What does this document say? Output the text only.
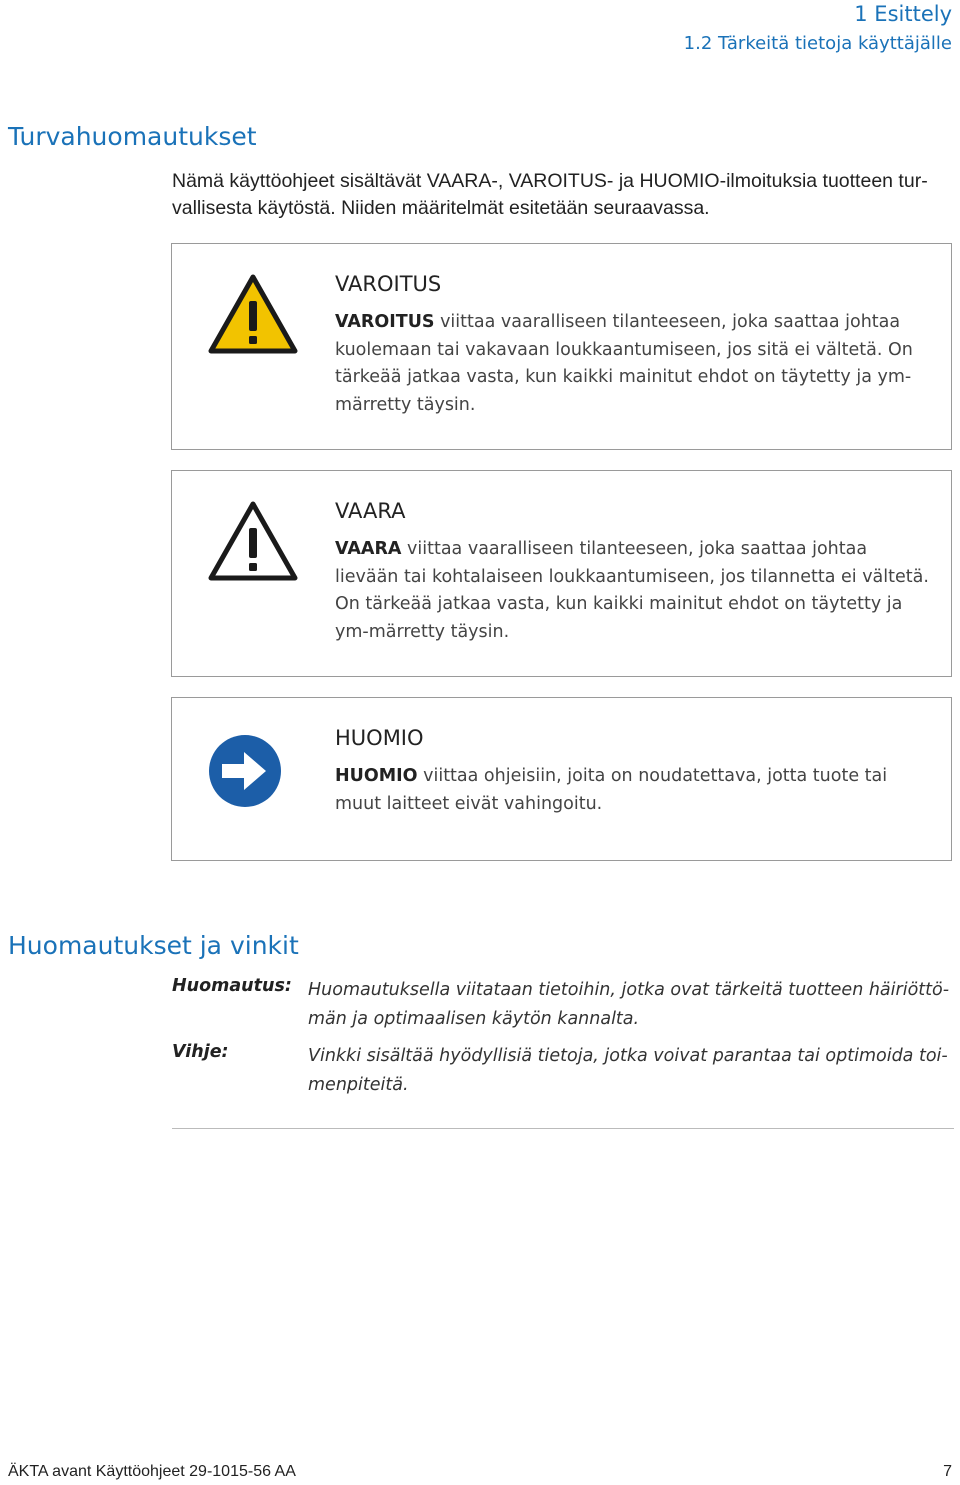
1 Esittely
1.2 Tärkeitä tietoja käyttäjälle
Turvahuomautukset
Nämä käyttöohjeet sisältävät VAARA-, VAROITUS- ja HUOMIO-ilmoituksia tuotteen tur-vallisesta käytöstä. Niiden määritelmät esitetään seuraavassa.
VAROITUS
VAROITUS viittaa vaaralliseen tilanteeseen, joka saattaa johtaa kuolemaan tai vakavaan loukkaantumiseen, jos sitä ei vältetä. On tärkeää jatkaa vasta, kun kaikki mainitut ehdot on täytetty ja ym-märretty täysin.
VAARA
VAARA viittaa vaaralliseen tilanteeseen, joka saattaa johtaa lievään tai kohtalaiseen loukkaantumiseen, jos tilannetta ei vältetä. On tärkeää jatkaa vasta, kun kaikki mainitut ehdot on täytetty ja ym-märretty täysin.
HUOMIO
HUOMIO viittaa ohjeisiin, joita on noudatettava, jotta tuote tai muut laitteet eivät vahingoitu.
Huomautukset ja vinkit
Huomautus: Huomautuksella viitataan tietoihin, jotka ovat tärkeitä tuotteen häiriöttö-män ja optimaalisen käytön kannalta.
Vihje:	Vinkki sisältää hyödyllisiä tietoja, jotka voivat parantaa tai optimoida toi-menpiteitä.
ÄKTA avant Käyttöohjeet 29-1015-56 AA	7
